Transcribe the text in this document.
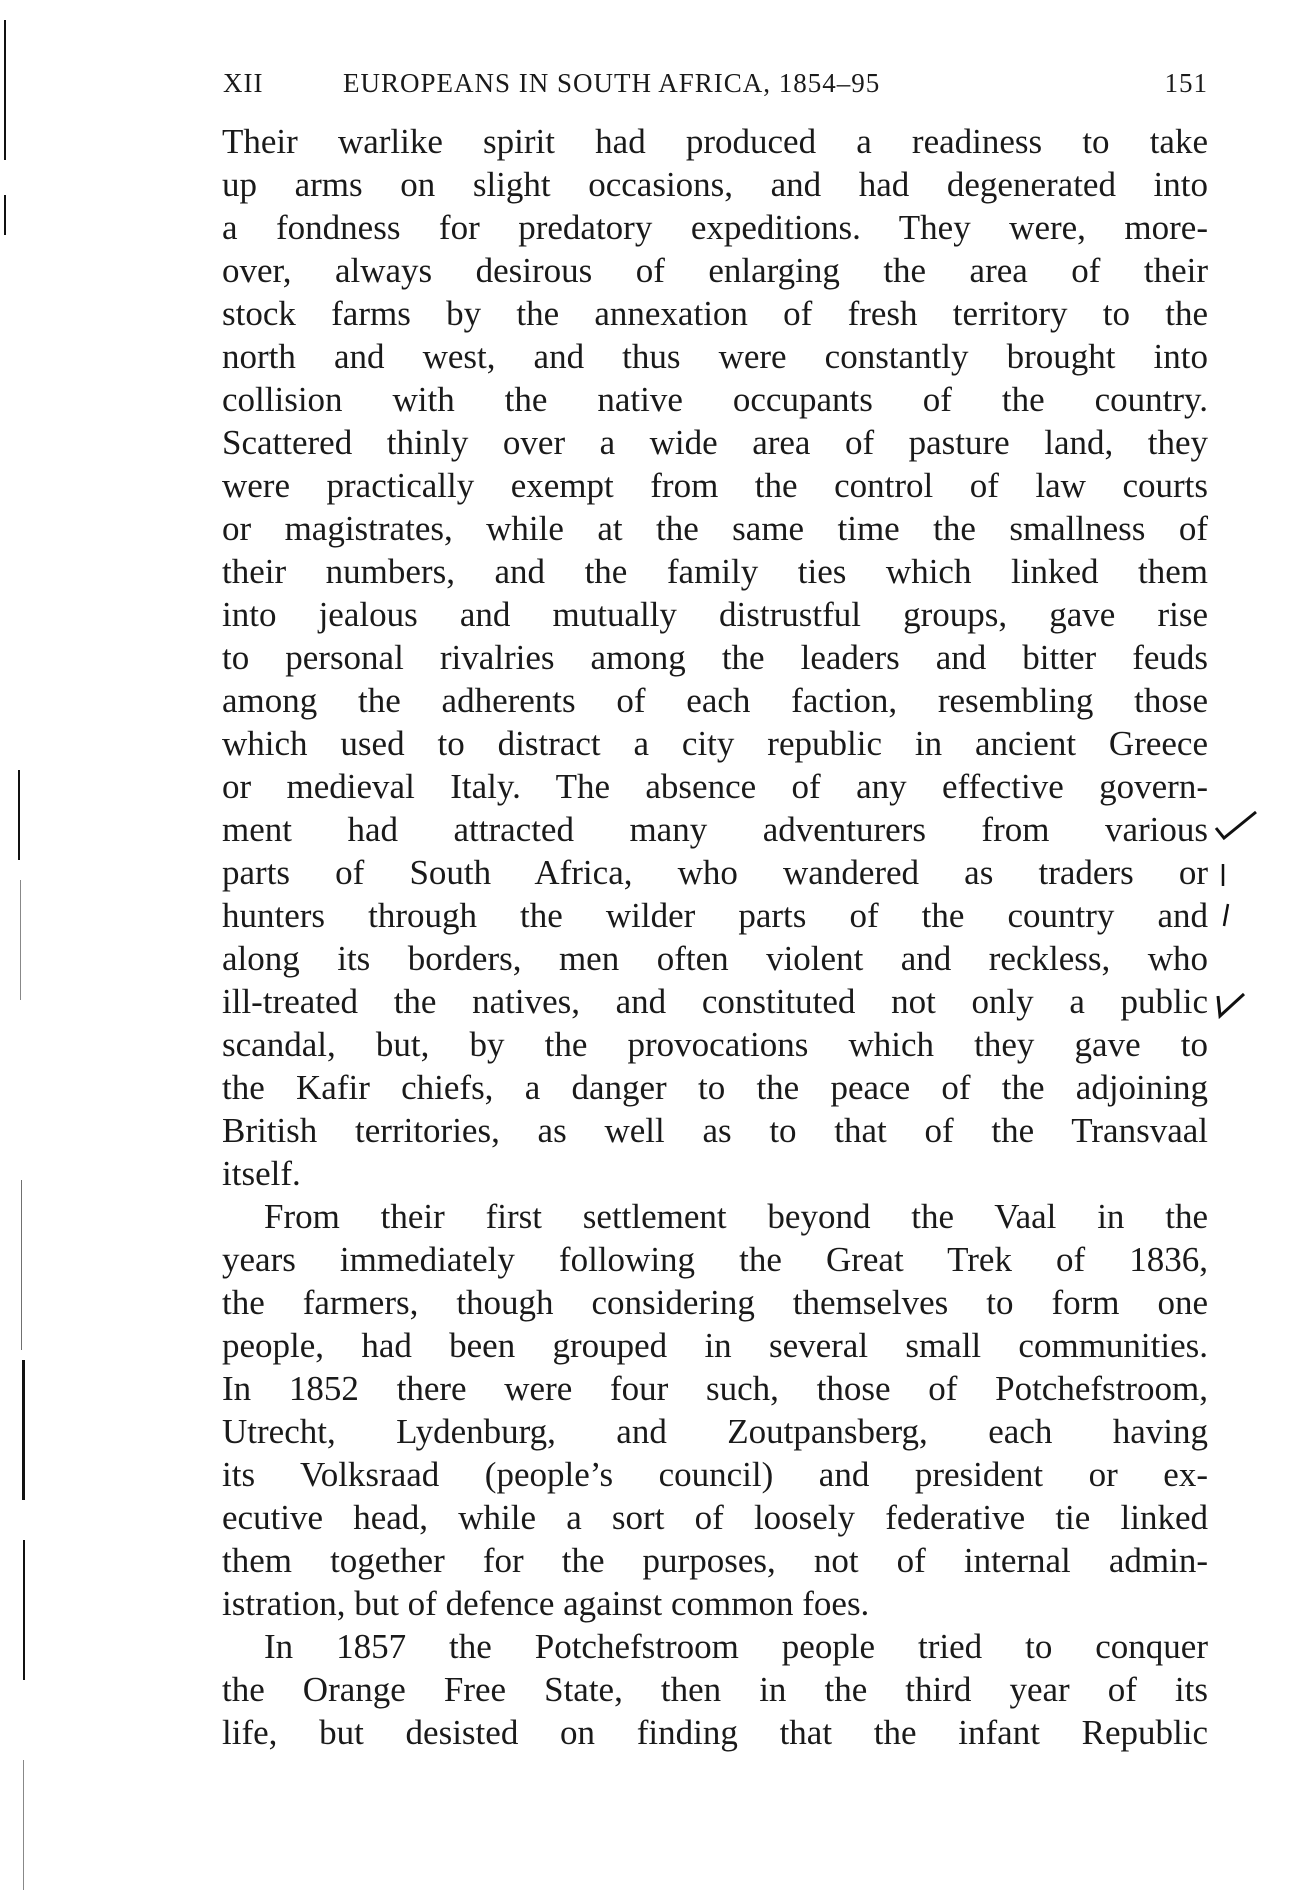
XII	EUROPEANS IN SOUTH AFRICA, 1854–95	151
Their warlike spirit had produced a readiness to take
up arms on slight occasions, and had degenerated into
a fondness for predatory expeditions. They were, more-
over, always desirous of enlarging the area of their
stock farms by the annexation of fresh territory to the
north and west, and thus were constantly brought into
collision with the native occupants of the country.
Scattered thinly over a wide area of pasture land, they
were practically exempt from the control of law courts
or magistrates, while at the same time the smallness of
their numbers, and the family ties which linked them
into jealous and mutually distrustful groups, gave rise
to personal rivalries among the leaders and bitter feuds
among the adherents of each faction, resembling those
which used to distract a city republic in ancient Greece
or medieval Italy. The absence of any effective govern-
ment had attracted many adventurers from various
parts of South Africa, who wandered as traders or
hunters through the wilder parts of the country and
along its borders, men often violent and reckless, who
ill-treated the natives, and constituted not only a public
scandal, but, by the provocations which they gave to
the Kafir chiefs, a danger to the peace of the adjoining
British territories, as well as to that of the Transvaal
itself.
From their first settlement beyond the Vaal in the
years immediately following the Great Trek of 1836,
the farmers, though considering themselves to form one
people, had been grouped in several small communities.
In 1852 there were four such, those of Potchefstroom,
Utrecht, Lydenburg, and Zoutpansberg, each having
its Volksraad (people’s council) and president or ex-
ecutive head, while a sort of loosely federative tie linked
them together for the purposes, not of internal admin-
istration, but of defence against common foes.
In 1857 the Potchefstroom people tried to conquer
the Orange Free State, then in the third year of its
life, but desisted on finding that the infant Republic
